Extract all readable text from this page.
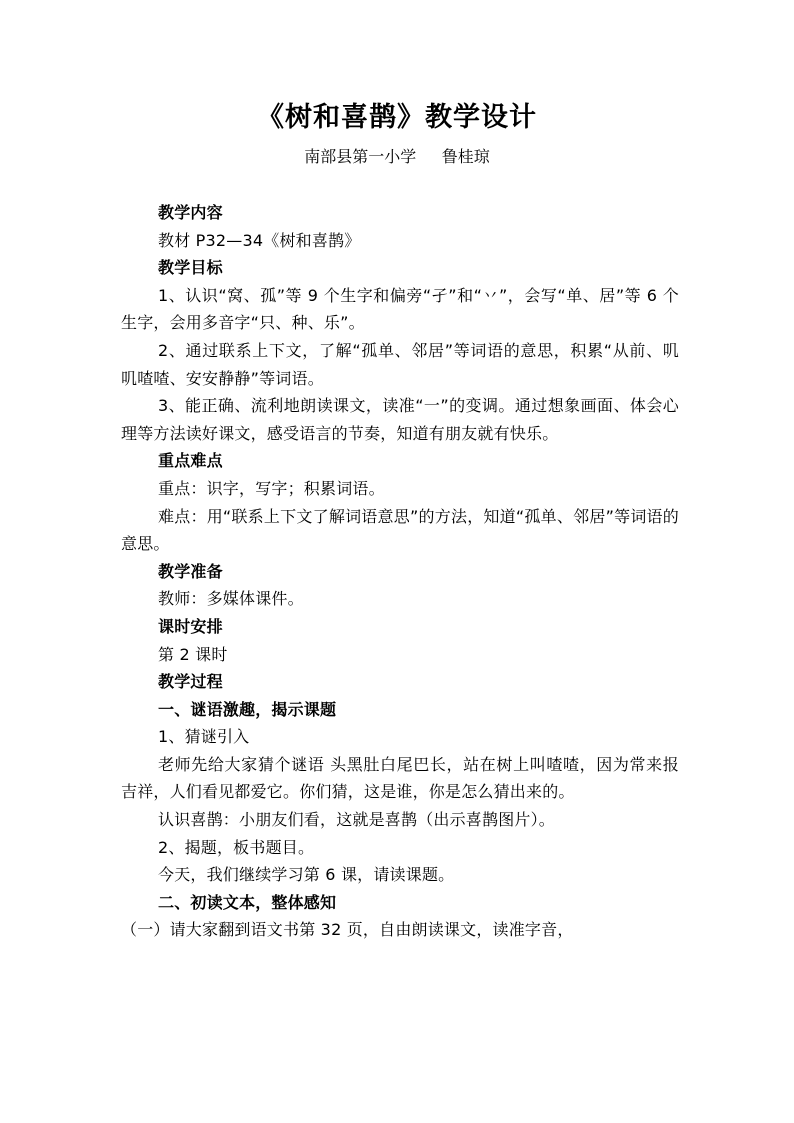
《树和喜鹊》教学设计
南部县第一小学     鲁桂琼

教学内容

教材 P32—34《树和喜鹊》

教学目标

1、认识“窝、孤”等 9 个生字和偏旁“孑”和“丷”，会写“单、居”等 6 个生字，会用多音字“只、种、乐”。

2、通过联系上下文，了解“孤单、邻居”等词语的意思，积累“从前、叽叽喳喳、安安静静”等词语。

3、能正确、流利地朗读课文，读准“一”的变调。通过想象画面、体会心理等方法读好课文，感受语言的节奏，知道有朋友就有快乐。

重点难点

重点：识字，写字；积累词语。

难点：用“联系上下文了解词语意思”的方法，知道“孤单、邻居”等词语的意思。

教学准备

教师：多媒体课件。

课时安排

第 2 课时

教学过程

一、谜语激趣，揭示课题

1、猜谜引入

老师先给大家猜个谜语 头黑肚白尾巴长，站在树上叫喳喳，因为常来报吉祥，人们看见都爱它。你们猜，这是谁，你是怎么猜出来的。

认识喜鹊：小朋友们看，这就是喜鹊（出示喜鹊图片）。

2、揭题，板书题目。

今天，我们继续学习第 6 课，请读课题。

二、初读文本，整体感知

（一）请大家翻到语文书第 32 页，自由朗读课文，读准字音，
